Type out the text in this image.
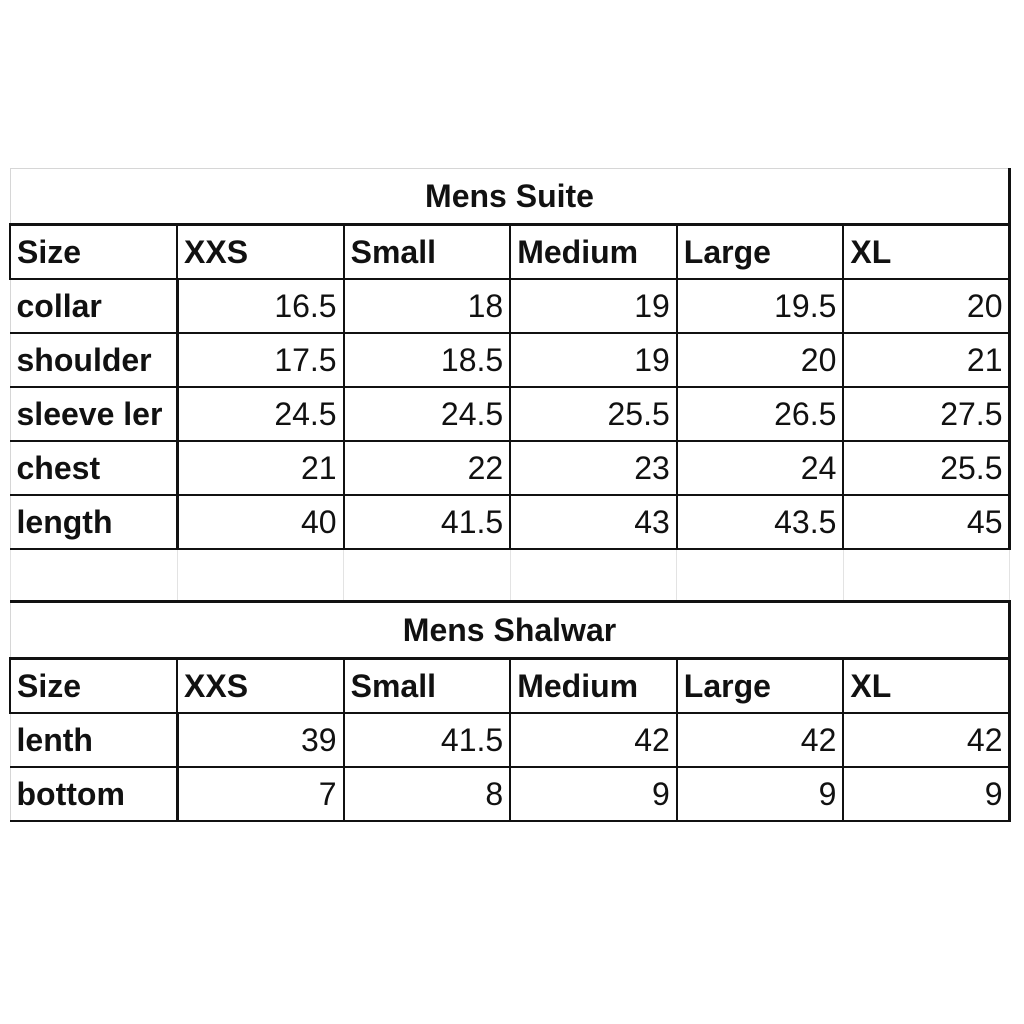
Mens Suite					
Size	XXS	Small	Medium	Large	XL
collar	16.5	18	19	19.5	20
shoulder	17.5	18.5	19	20	21
sleeve ler	24.5	24.5	25.5	26.5	27.5
chest	21	22	23	24	25.5
length	40	41.5	43	43.5	45

Mens Shalwar					
Size	XXS	Small	Medium	Large	XL
lenth	39	41.5	42	42	42
bottom	7	8	9	9	9
